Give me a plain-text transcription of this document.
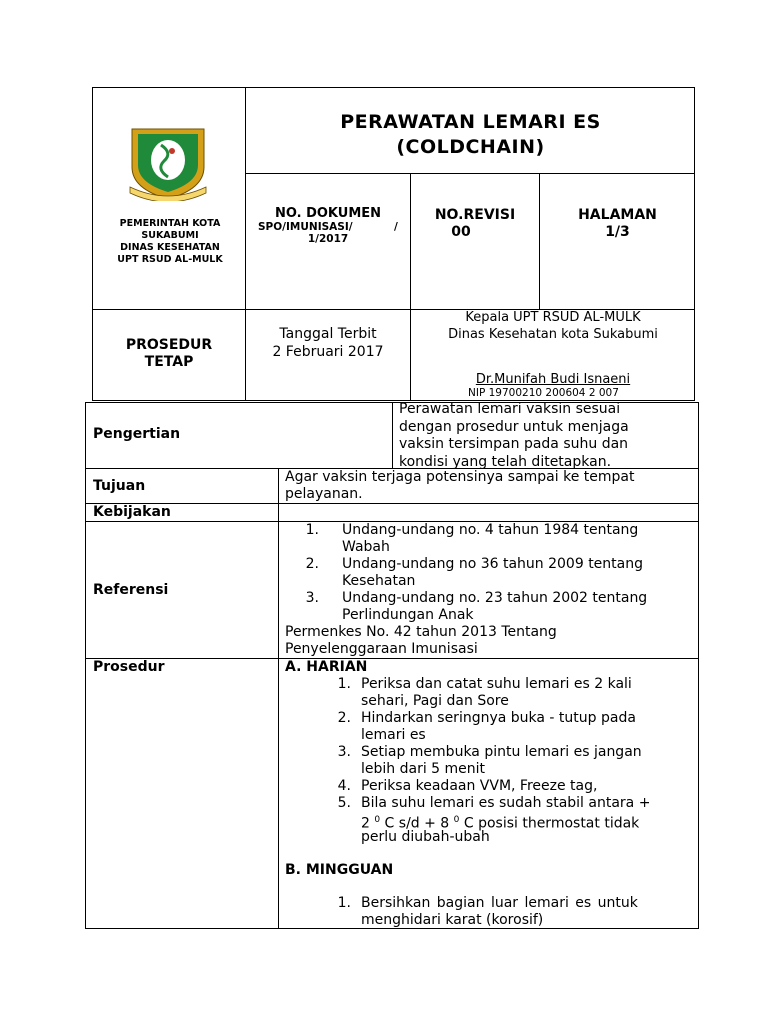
PEMERINTAH KOTA
SUKABUMI
DINAS KESEHATAN
UPT RSUD AL-MULK
PERAWATAN LEMARI ES
(COLDCHAIN)
NO. DOKUMEN
SPO/IMUNISASI/	/
1/2017
NO.REVISI
00
HALAMAN
1/3
PROSEDUR
TETAP
Tanggal Terbit
2 Februari 2017
Kepala UPT RSUD AL-MULK
Dinas Kesehatan kota Sukabumi
Dr.Munifah Budi Isnaeni
NIP 19700210 200604 2 007
Pengertian
Perawatan lemari vaksin sesuai
dengan prosedur untuk menjaga
vaksin tersimpan pada suhu dan
kondisi yang telah ditetapkan.
Tujuan
Agar vaksin terjaga potensinya sampai ke tempat
pelayanan.
Kebijakan
Referensi
1. Undang-undang no. 4 tahun 1984 tentang
Wabah
2. Undang-undang no 36 tahun 2009 tentang
Kesehatan
3. Undang-undang no. 23 tahun 2002 tentang
Perlindungan Anak
Permenkes No. 42 tahun 2013 Tentang
Penyelenggaraan Imunisasi
Prosedur	A. HARIAN
1. Periksa dan catat suhu lemari es 2 kali
sehari, Pagi dan Sore
2. Hindarkan seringnya buka - tutup pada
lemari es
3. Setiap membuka pintu lemari es jangan
lebih dari 5 menit
4. Periksa keadaan VVM, Freeze tag,
5. Bila suhu lemari es sudah stabil antara +
2 $^0$ C s/d + 8 $^0$ C posisi thermostat tidak
perlu diubah-ubah
B. MINGGUAN
1. Bersihkan bagian luar lemari es untuk
menghidari karat (korosif)
